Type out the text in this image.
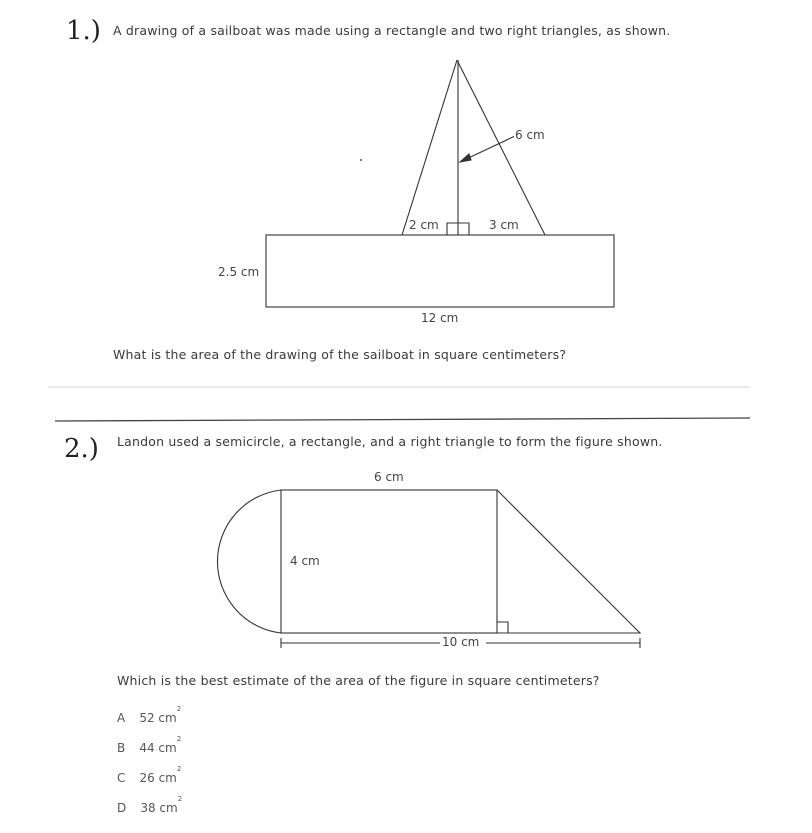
1.) A drawing of a sailboat was made using a rectangle and two right triangles, as shown.
6 cm
2 cm	3 cm
2.5 cm
12 cm
What is the area of the drawing of the sailboat in square centimeters?
2.) Landon used a semicircle, a rectangle, and a right triangle to form the figure shown.
6 cm
4 cm
10 cm
Which is the best estimate of the area of the figure in square centimeters?
A 52 $cm^2$
B 44 $cm^2$
C 26 $cm^2$
D 38 $cm^2$
